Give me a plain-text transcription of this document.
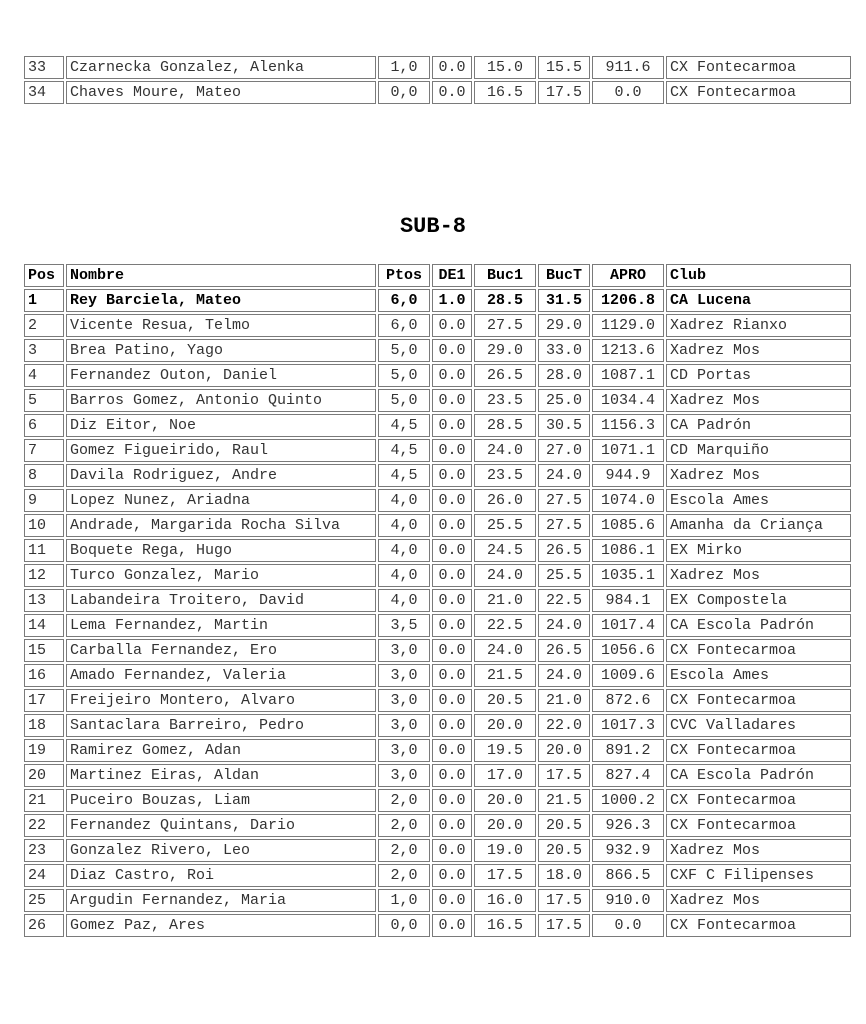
33	Czarnecka Gonzalez, Alenka	1,0	0.0	15.0	15.5	911.6	CX Fontecarmoa
34	Chaves Moure, Mateo	0,0	0.0	16.5	17.5	0.0	CX Fontecarmoa
SUB-8
Pos	Nombre	Ptos	DE1	Buc1	BucT	APRO	Club
1	Rey Barciela, Mateo	6,0	1.0	28.5	31.5	1206.8	CA Lucena
2	Vicente Resua, Telmo	6,0	0.0	27.5	29.0	1129.0	Xadrez Rianxo
3	Brea Patino, Yago	5,0	0.0	29.0	33.0	1213.6	Xadrez Mos
4	Fernandez Outon, Daniel	5,0	0.0	26.5	28.0	1087.1	CD Portas
5	Barros Gomez, Antonio Quinto	5,0	0.0	23.5	25.0	1034.4	Xadrez Mos
6	Diz Eitor, Noe	4,5	0.0	28.5	30.5	1156.3	CA Padrón
7	Gomez Figueirido, Raul	4,5	0.0	24.0	27.0	1071.1	CD Marquiño
8	Davila Rodriguez, Andre	4,5	0.0	23.5	24.0	944.9	Xadrez Mos
9	Lopez Nunez, Ariadna	4,0	0.0	26.0	27.5	1074.0	Escola Ames
10	Andrade, Margarida Rocha Silva	4,0	0.0	25.5	27.5	1085.6	Amanha da Criança
11	Boquete Rega, Hugo	4,0	0.0	24.5	26.5	1086.1	EX Mirko
12	Turco Gonzalez, Mario	4,0	0.0	24.0	25.5	1035.1	Xadrez Mos
13	Labandeira Troitero, David	4,0	0.0	21.0	22.5	984.1	EX Compostela
14	Lema Fernandez, Martin	3,5	0.0	22.5	24.0	1017.4	CA Escola Padrón
15	Carballa Fernandez, Ero	3,0	0.0	24.0	26.5	1056.6	CX Fontecarmoa
16	Amado Fernandez, Valeria	3,0	0.0	21.5	24.0	1009.6	Escola Ames
17	Freijeiro Montero, Alvaro	3,0	0.0	20.5	21.0	872.6	CX Fontecarmoa
18	Santaclara Barreiro, Pedro	3,0	0.0	20.0	22.0	1017.3	CVC Valladares
19	Ramirez Gomez, Adan	3,0	0.0	19.5	20.0	891.2	CX Fontecarmoa
20	Martinez Eiras, Aldan	3,0	0.0	17.0	17.5	827.4	CA Escola Padrón
21	Puceiro Bouzas, Liam	2,0	0.0	20.0	21.5	1000.2	CX Fontecarmoa
22	Fernandez Quintans, Dario	2,0	0.0	20.0	20.5	926.3	CX Fontecarmoa
23	Gonzalez Rivero, Leo	2,0	0.0	19.0	20.5	932.9	Xadrez Mos
24	Diaz Castro, Roi	2,0	0.0	17.5	18.0	866.5	CXF C Filipenses
25	Argudin Fernandez, Maria	1,0	0.0	16.0	17.5	910.0	Xadrez Mos
26	Gomez Paz, Ares	0,0	0.0	16.5	17.5	0.0	CX Fontecarmoa
